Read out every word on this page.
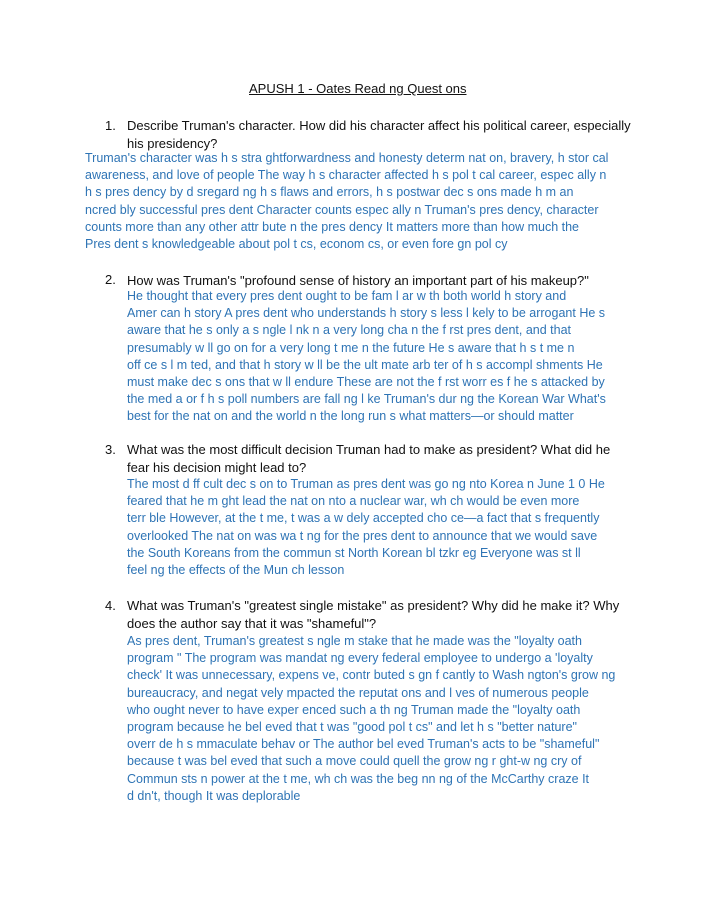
APUSH 1 - Oates Read ng Quest ons
1. Describe Truman's character. How did his character affect his political career, especially
his presidency?
Truman's character was h s stra ghtforwardness and honesty determ nat on, bravery, h stor cal
awareness, and love of people The way h s character affected h s pol t cal career, espec ally n
h s pres dency by d sregard ng h s flaws and errors, h s postwar dec s ons made h m an
ncred bly successful pres dent Character counts espec ally n Truman's pres dency, character
counts more than any other attr bute n the pres dency It matters more than how much the
Pres dent s knowledgeable about pol t cs, econom cs, or even fore gn pol cy
2. How was Truman's "profound sense of history an important part of his makeup?"
He thought that every pres dent ought to be fam l ar w th both world h story and
Amer can h story A pres dent who understands h story s less l kely to be arrogant He s
aware that he s only a s ngle l nk n a very long cha n the f rst pres dent, and that
presumably w ll go on for a very long t me n the future He s aware that h s t me n
off ce s l m ted, and that h story w ll be the ult mate arb ter of h s accompl shments He
must make dec s ons that w ll endure These are not the f rst worr es f he s attacked by
the med a or f h s poll numbers are fall ng l ke Truman's dur ng the Korean War What's
best for the nat on and the world n the long run s what matters—or should matter
3. What was the most difficult decision Truman had to make as president? What did he
fear his decision might lead to?
The most d ff cult dec s on to Truman as pres dent was go ng nto Korea n June 1 0 He
feared that he m ght lead the nat on nto a nuclear war, wh ch would be even more
terr ble However, at the t me, t was a w dely accepted cho ce—a fact that s frequently
overlooked The nat on was wa t ng for the pres dent to announce that we would save
the South Koreans from the commun st North Korean bl tzkr eg Everyone was st ll
feel ng the effects of the Mun ch lesson
4. What was Truman's "greatest single mistake" as president? Why did he make it? Why
does the author say that it was "shameful"?
As pres dent, Truman's greatest s ngle m stake that he made was the "loyalty oath
program " The program was mandat ng every federal employee to undergo a 'loyalty
check' It was unnecessary, expens ve, contr buted s gn f cantly to Wash ngton's grow ng
bureaucracy, and negat vely mpacted the reputat ons and l ves of numerous people
who ought never to have exper enced such a th ng Truman made the "loyalty oath
program because he bel eved that t was "good pol t cs" and let h s "better nature"
overr de h s mmaculate behav or The author bel eved Truman's acts to be "shameful"
because t was bel eved that such a move could quell the grow ng r ght-w ng cry of
Commun sts n power at the t me, wh ch was the beg nn ng of the McCarthy craze It
d dn't, though It was deplorable
